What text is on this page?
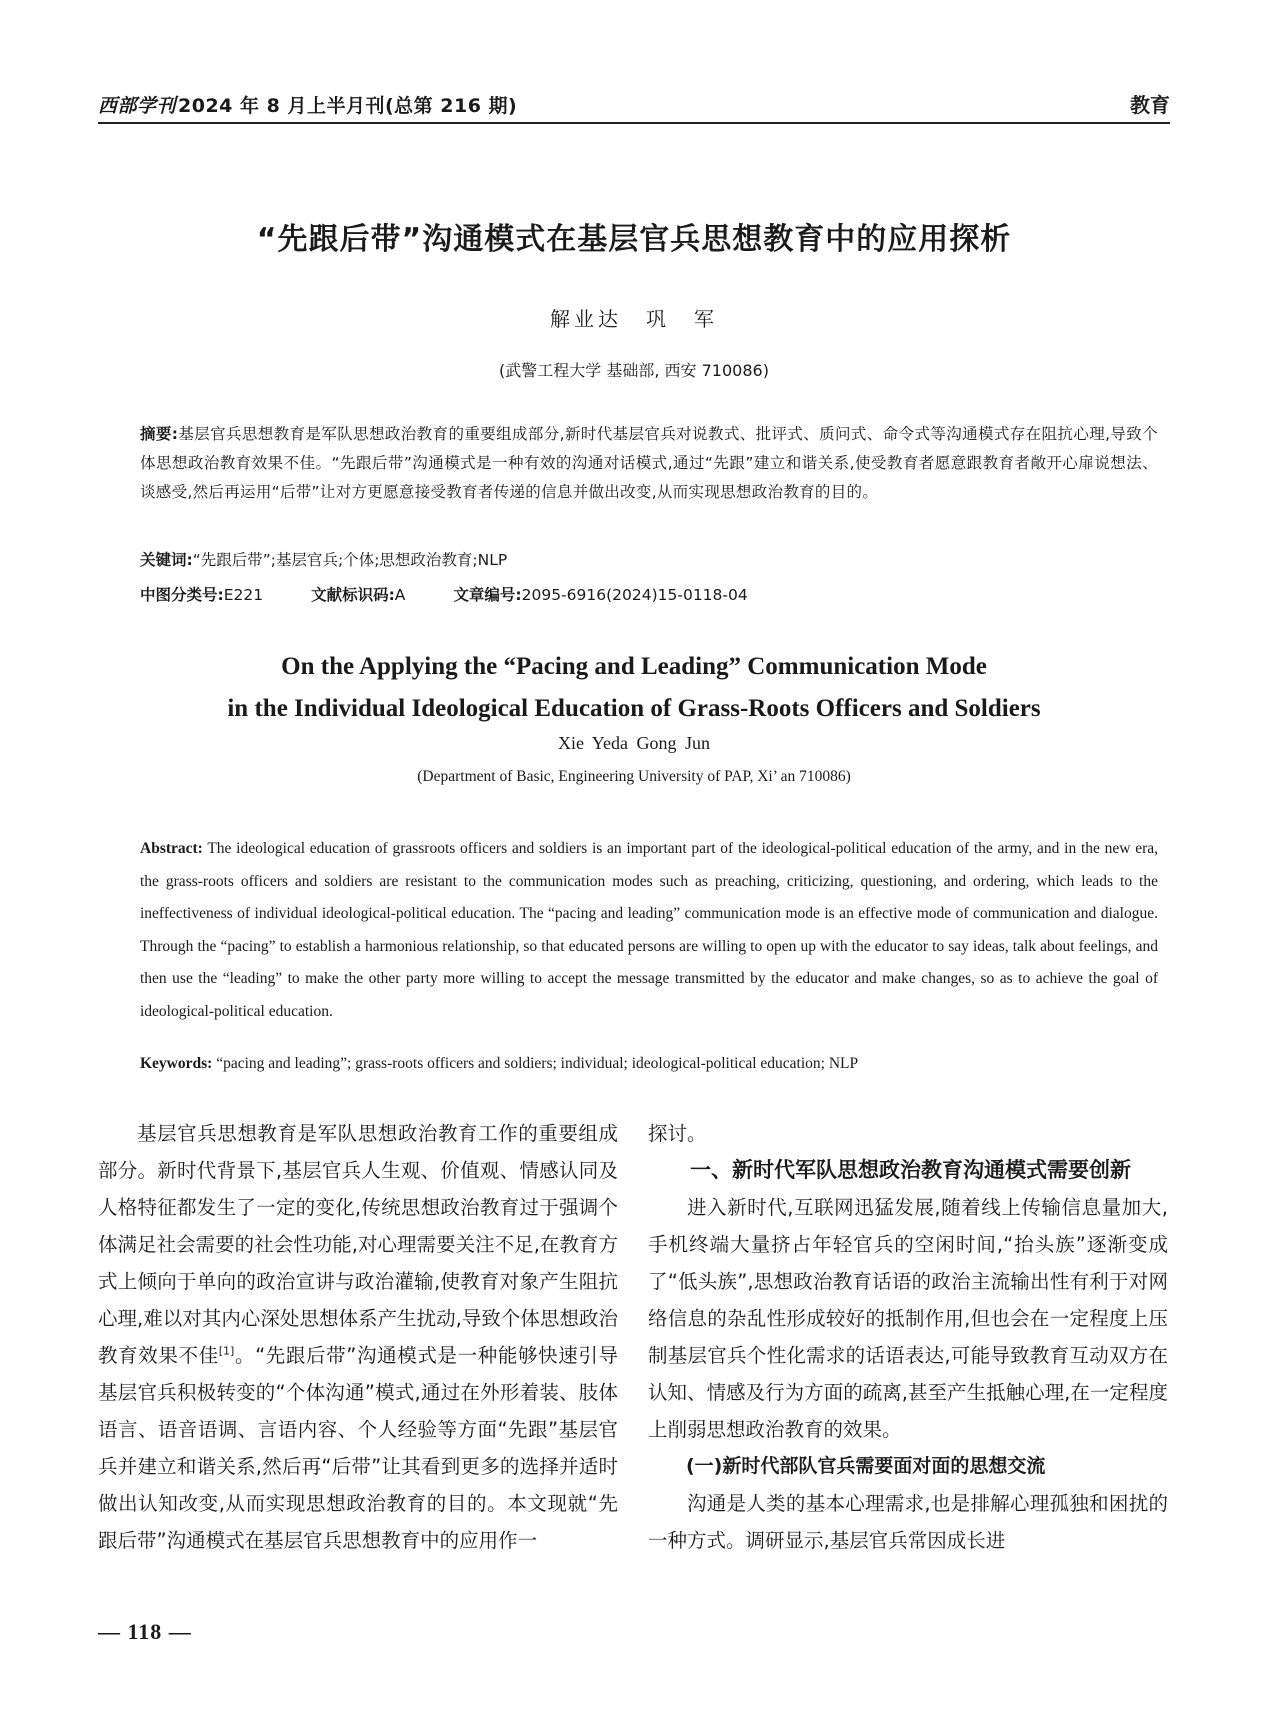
西部学刊 2024 年 8 月上半月刊(总第 216 期)	教育
“先跟后带”沟通模式在基层官兵思想教育中的应用探析
解业达　巩　军
(武警工程大学 基础部, 西安 710086)
摘要:基层官兵思想教育是军队思想政治教育的重要组成部分,新时代基层官兵对说教式、批评式、质问式、命令式等沟通模式存在阻抗心理,导致个体思想政治教育效果不佳。“先跟后带”沟通模式是一种有效的沟通对话模式,通过“先跟”建立和谐关系,使受教育者愿意跟教育者敞开心扉说想法、谈感受,然后再运用“后带”让对方更愿意接受教育者传递的信息并做出改变,从而实现思想政治教育的目的。
关键词:“先跟后带”;基层官兵;个体;思想政治教育;NLP
中图分类号:E221	文献标识码:A	文章编号:2095-6916(2024)15-0118-04
On the Applying the “Pacing and Leading” Communication Mode
in the Individual Ideological Education of Grass-Roots Officers and Soldiers
Xie Yeda Gong Jun
(Department of Basic, Engineering University of PAP, Xi’ an 710086)
Abstract: The ideological education of grassroots officers and soldiers is an important part of the ideological-political education of the army, and in the new era, the grass-roots officers and soldiers are resistant to the communication modes such as preaching, criticizing, questioning, and ordering, which leads to the ineffectiveness of individual ideological-political education. The “pacing and leading” communication mode is an effective mode of communication and dialogue. Through the “pacing” to establish a harmonious relationship, so that educated persons are willing to open up with the educator to say ideas, talk about feelings, and then use the “leading” to make the other party more willing to accept the message transmitted by the educator and make changes, so as to achieve the goal of ideological-political education.
Keywords: “pacing and leading”; grass-roots officers and soldiers; individual; ideological-political education; NLP

基层官兵思想教育是军队思想政治教育工作的重要组成部分。新时代背景下,基层官兵人生观、价值观、情感认同及人格特征都发生了一定的变化,传统思想政治教育过于强调个体满足社会需要的社会性功能,对心理需要关注不足,在教育方式上倾向于单向的政治宣讲与政治灌输,使教育对象产生阻抗心理,难以对其内心深处思想体系产生扰动,导致个体思想政治教育效果不佳[1]。“先跟后带”沟通模式是一种能够快速引导基层官兵积极转变的“个体沟通”模式,通过在外形着装、肢体语言、语音语调、言语内容、个人经验等方面“先跟”基层官兵并建立和谐关系,然后再“后带”让其看到更多的选择并适时做出认知改变,从而实现思想政治教育的目的。本文现就“先跟后带”沟通模式在基层官兵思想教育中的应用作一

探讨。

一、新时代军队思想政治教育沟通模式需要创新

进入新时代,互联网迅猛发展,随着线上传输信息量加大,手机终端大量挤占年轻官兵的空闲时间,“抬头族”逐渐变成了“低头族”,思想政治教育话语的政治主流输出性有利于对网络信息的杂乱性形成较好的抵制作用,但也会在一定程度上压制基层官兵个性化需求的话语表达,可能导致教育互动双方在认知、情感及行为方面的疏离,甚至产生抵触心理,在一定程度上削弱思想政治教育的效果。

(一)新时代部队官兵需要面对面的思想交流

沟通是人类的基本心理需求,也是排解心理孤独和困扰的一种方式。调研显示,基层官兵常因成长进

— 118 —
